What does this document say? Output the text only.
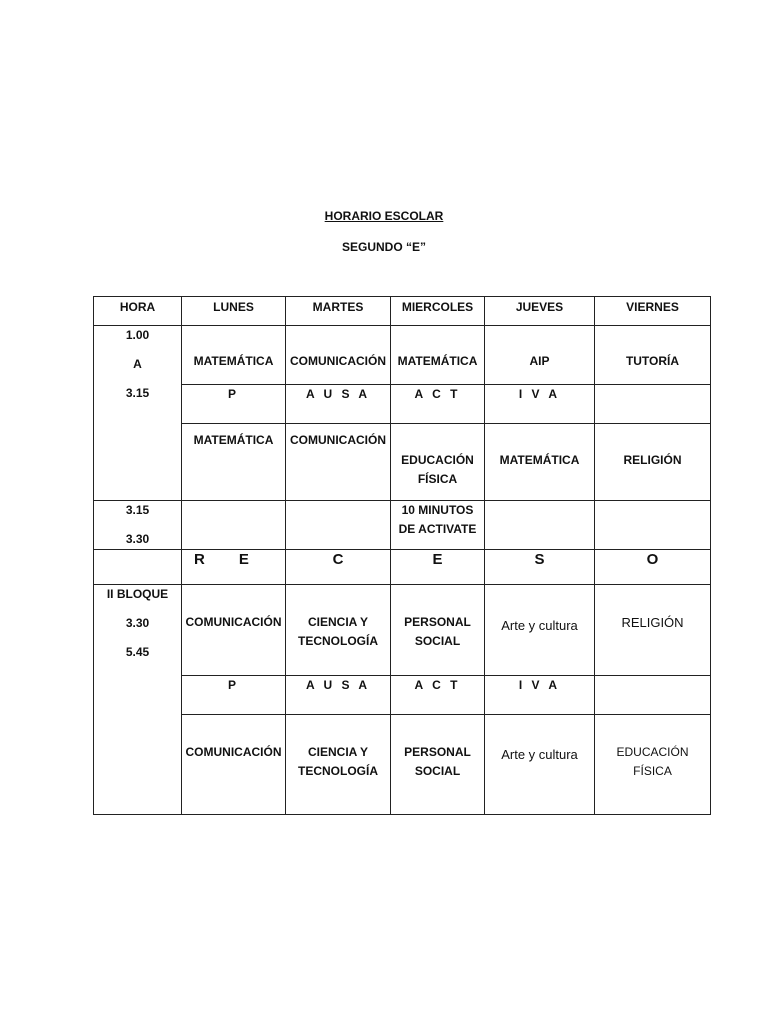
HORARIO ESCOLAR
SEGUNDO “E”
HORA	LUNES	MARTES	MIERCOLES	JUEVES	VIERNES

1.00
A
3.15	MATEMÁTICA	COMUNICACIÓN	MATEMÁTICA	AIP	TUTORÍA
	P	A U S A	A C T	I V A	
	MATEMÁTICA	COMUNICACIÓN	EDUCACIÓN FÍSICA	MATEMÁTICA	RELIGIÓN

3.15
3.30			10 MINUTOS DE ACTIVATE		
	R E	C	E	S	O

II BLOQUE
3.30
5.45	COMUNICACIÓN	CIENCIA Y TECNOLOGÍA	PERSONAL SOCIAL	Arte y cultura	RELIGIÓN
	P	A U S A	A C T	I V A	
	COMUNICACIÓN	CIENCIA Y TECNOLOGÍA	PERSONAL SOCIAL	Arte y cultura	EDUCACIÓN FÍSICA
